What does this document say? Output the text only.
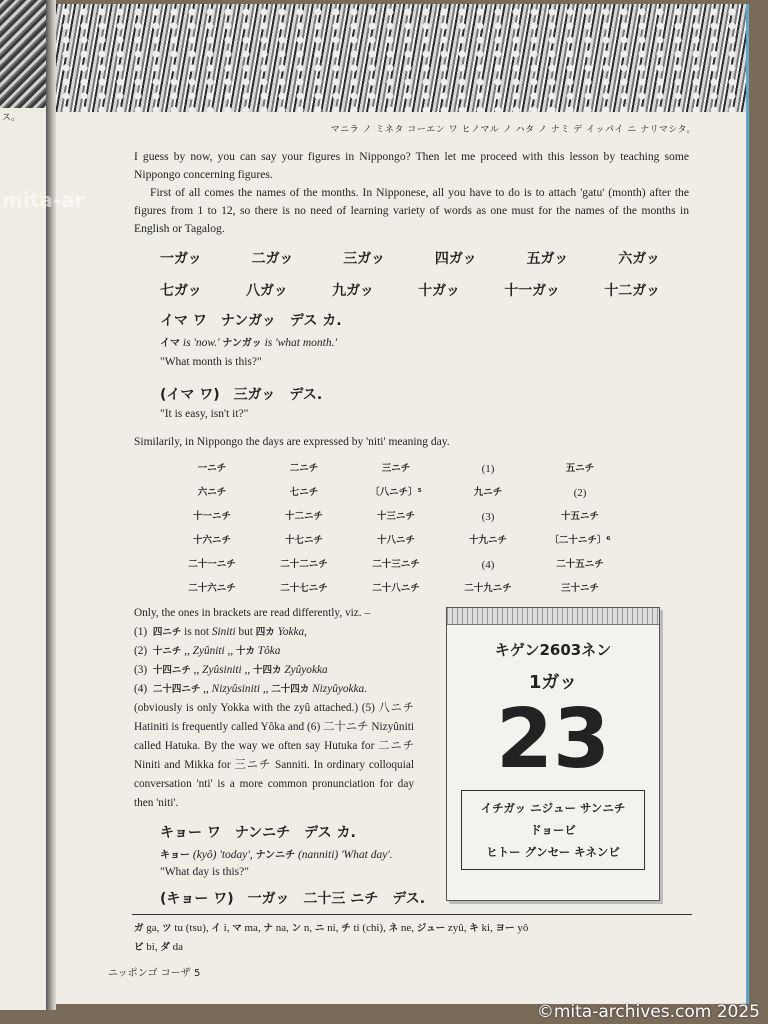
ス。
マニラ ノ ミネタ コーエン ワ ヒノマル ノ ハタ ノ ナミ デ イッパイ ニ ナリマシタ。
I guess by now, you can say your figures in Nippongo? Then let me proceed with this lesson by teaching some Nippongo concerning figures.
First of all comes the names of the months. In Nipponese, all you have to do is to attach 'gatu' (month) after the figures from 1 to 12, so there is no need of learning variety of words as one must for the names of the months in English or Tagalog.
一ガッ	二ガッ	三ガッ	四ガッ	五ガッ	六ガッ
七ガッ	八ガッ	九ガッ	十ガッ	十一ガッ	十二ガッ
イマ ワ　ナンガッ　デス カ.
イマ is 'now.' ナンガッ is 'what month.'
"What month is this?"
(イマ ワ)　三ガッ　デス.
"It is easy, isn't it?"
Similarily, in Nippongo the days are expressed by 'niti' meaning day.
一ニチ	二ニチ	三ニチ	(1)	五ニチ
六ニチ	七ニチ	〔八ニチ〕⁵	九ニチ	(2)
十一ニチ	十二ニチ	十三ニチ	(3)	十五ニチ
十六ニチ	十七ニチ	十八ニチ	十九ニチ	〔二十ニチ〕⁶
二十一ニチ	二十二ニチ	二十三ニチ	(4)	二十五ニチ
二十六ニチ	二十七ニチ	二十八ニチ	二十九ニチ	三十ニチ
Only, the ones in brackets are read differently, viz. –
(1) 四ニチ is not Siniti but 四カ Yokka,
(2) 十ニチ ,, Zyûniti ,, 十カ Tôka
(3) 十四ニチ ,, Zyûsiniti ,, 十四カ Zyûyokka
(4) 二十四ニチ ,, Nizyûsiniti ,, 二十四カ Nizyûyokka.
(obviously is only Yokka with the zyû attached.) (5) 八ニチ Hatiniti is frequently called Yôka and (6) 二十ニチ Nizyûniti called Hatuka. By the way we often say Hutuka for 二ニチ Niniti and Mikka for 三ニチ Sanniti. In ordinary colloquial conversation 'nti' is a more common pronunciation for day then 'niti'.
キョー ワ　ナンニチ　デス カ.
キョー (kyô) 'today', ナンニチ (nanniti) 'What day'.
"What day is this?"
(キョー ワ)　一ガッ　二十三 ニチ　デス.
キゲン2603ネン
1ガッ
23
イチガッ ニジュー サンニチ
ドョービ
ヒトー グンセー キネンビ
ガ ga, ツ tu (tsu), イ i, マ ma, ナ na, ン n, ニ ni, チ ti (chi), ネ ne, ジュー zyû, キ ki, ヨー yô
ビ bi, ダ da
ニッポンゴ コーザ 5
mita-ar
©mita-archives.com 2025
